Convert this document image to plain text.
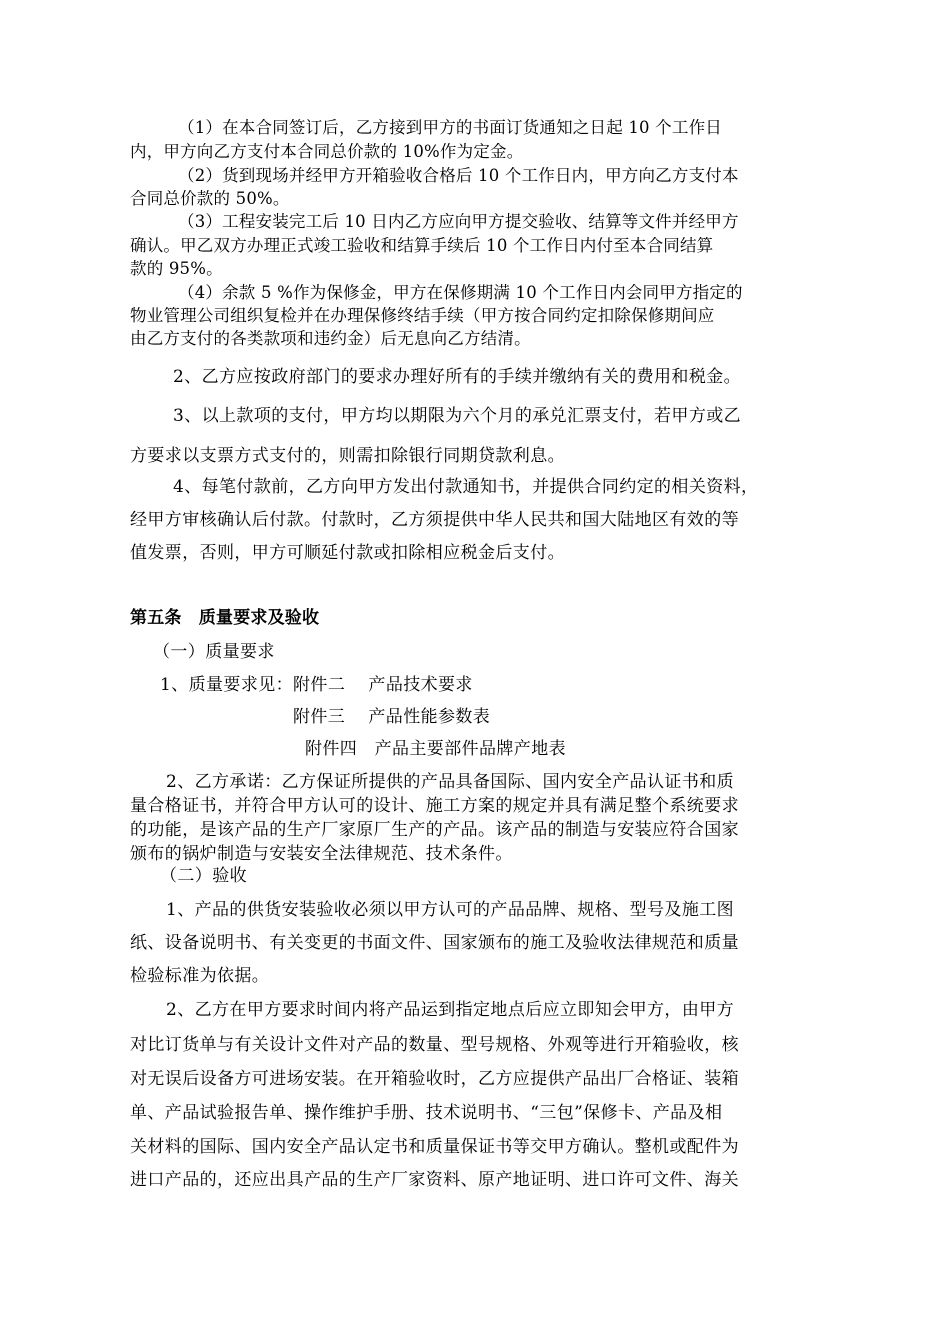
（1）在本合同签订后，乙方接到甲方的书面订货通知之日起 10 个工作日
内，甲方向乙方支付本合同总价款的 10%作为定金。
（2）货到现场并经甲方开箱验收合格后 10 个工作日内，甲方向乙方支付本
合同总价款的 50%。
（3）工程安装完工后 10 日内乙方应向甲方提交验收、结算等文件并经甲方
确认。甲乙双方办理正式竣工验收和结算手续后 10 个工作日内付至本合同结算
款的 95%。
（4）余款 5 %作为保修金，甲方在保修期满 10 个工作日内会同甲方指定的
物业管理公司组织复检并在办理保修终结手续（甲方按合同约定扣除保修期间应
由乙方支付的各类款项和违约金）后无息向乙方结清。
2、乙方应按政府部门的要求办理好所有的手续并缴纳有关的费用和税金。
3、以上款项的支付，甲方均以期限为六个月的承兑汇票支付，若甲方或乙
方要求以支票方式支付的，则需扣除银行同期贷款利息。
4、每笔付款前，乙方向甲方发出付款通知书，并提供合同约定的相关资料，
经甲方审核确认后付款。付款时，乙方须提供中华人民共和国大陆地区有效的等
值发票，否则，甲方可顺延付款或扣除相应税金后支付。
第五条　质量要求及验收
（一）质量要求
1、质量要求见：附件二　 产品技术要求
附件三　 产品性能参数表
附件四　产品主要部件品牌产地表
2、乙方承诺：乙方保证所提供的产品具备国际、国内安全产品认证书和质
量合格证书，并符合甲方认可的设计、施工方案的规定并具有满足整个系统要求
的功能，是该产品的生产厂家原厂生产的产品。该产品的制造与安装应符合国家
颁布的锅炉制造与安装安全法律规范、技术条件。
（二）验收
1、产品的供货安装验收必须以甲方认可的产品品牌、规格、型号及施工图
纸、设备说明书、有关变更的书面文件、国家颁布的施工及验收法律规范和质量
检验标准为依据。
2、乙方在甲方要求时间内将产品运到指定地点后应立即知会甲方，由甲方
对比订货单与有关设计文件对产品的数量、型号规格、外观等进行开箱验收，核
对无误后设备方可进场安装。在开箱验收时，乙方应提供产品出厂合格证、装箱
单、产品试验报告单、操作维护手册、技术说明书、“三包”保修卡、产品及相
关材料的国际、国内安全产品认定书和质量保证书等交甲方确认。整机或配件为
进口产品的，还应出具产品的生产厂家资料、原产地证明、进口许可文件、海关
